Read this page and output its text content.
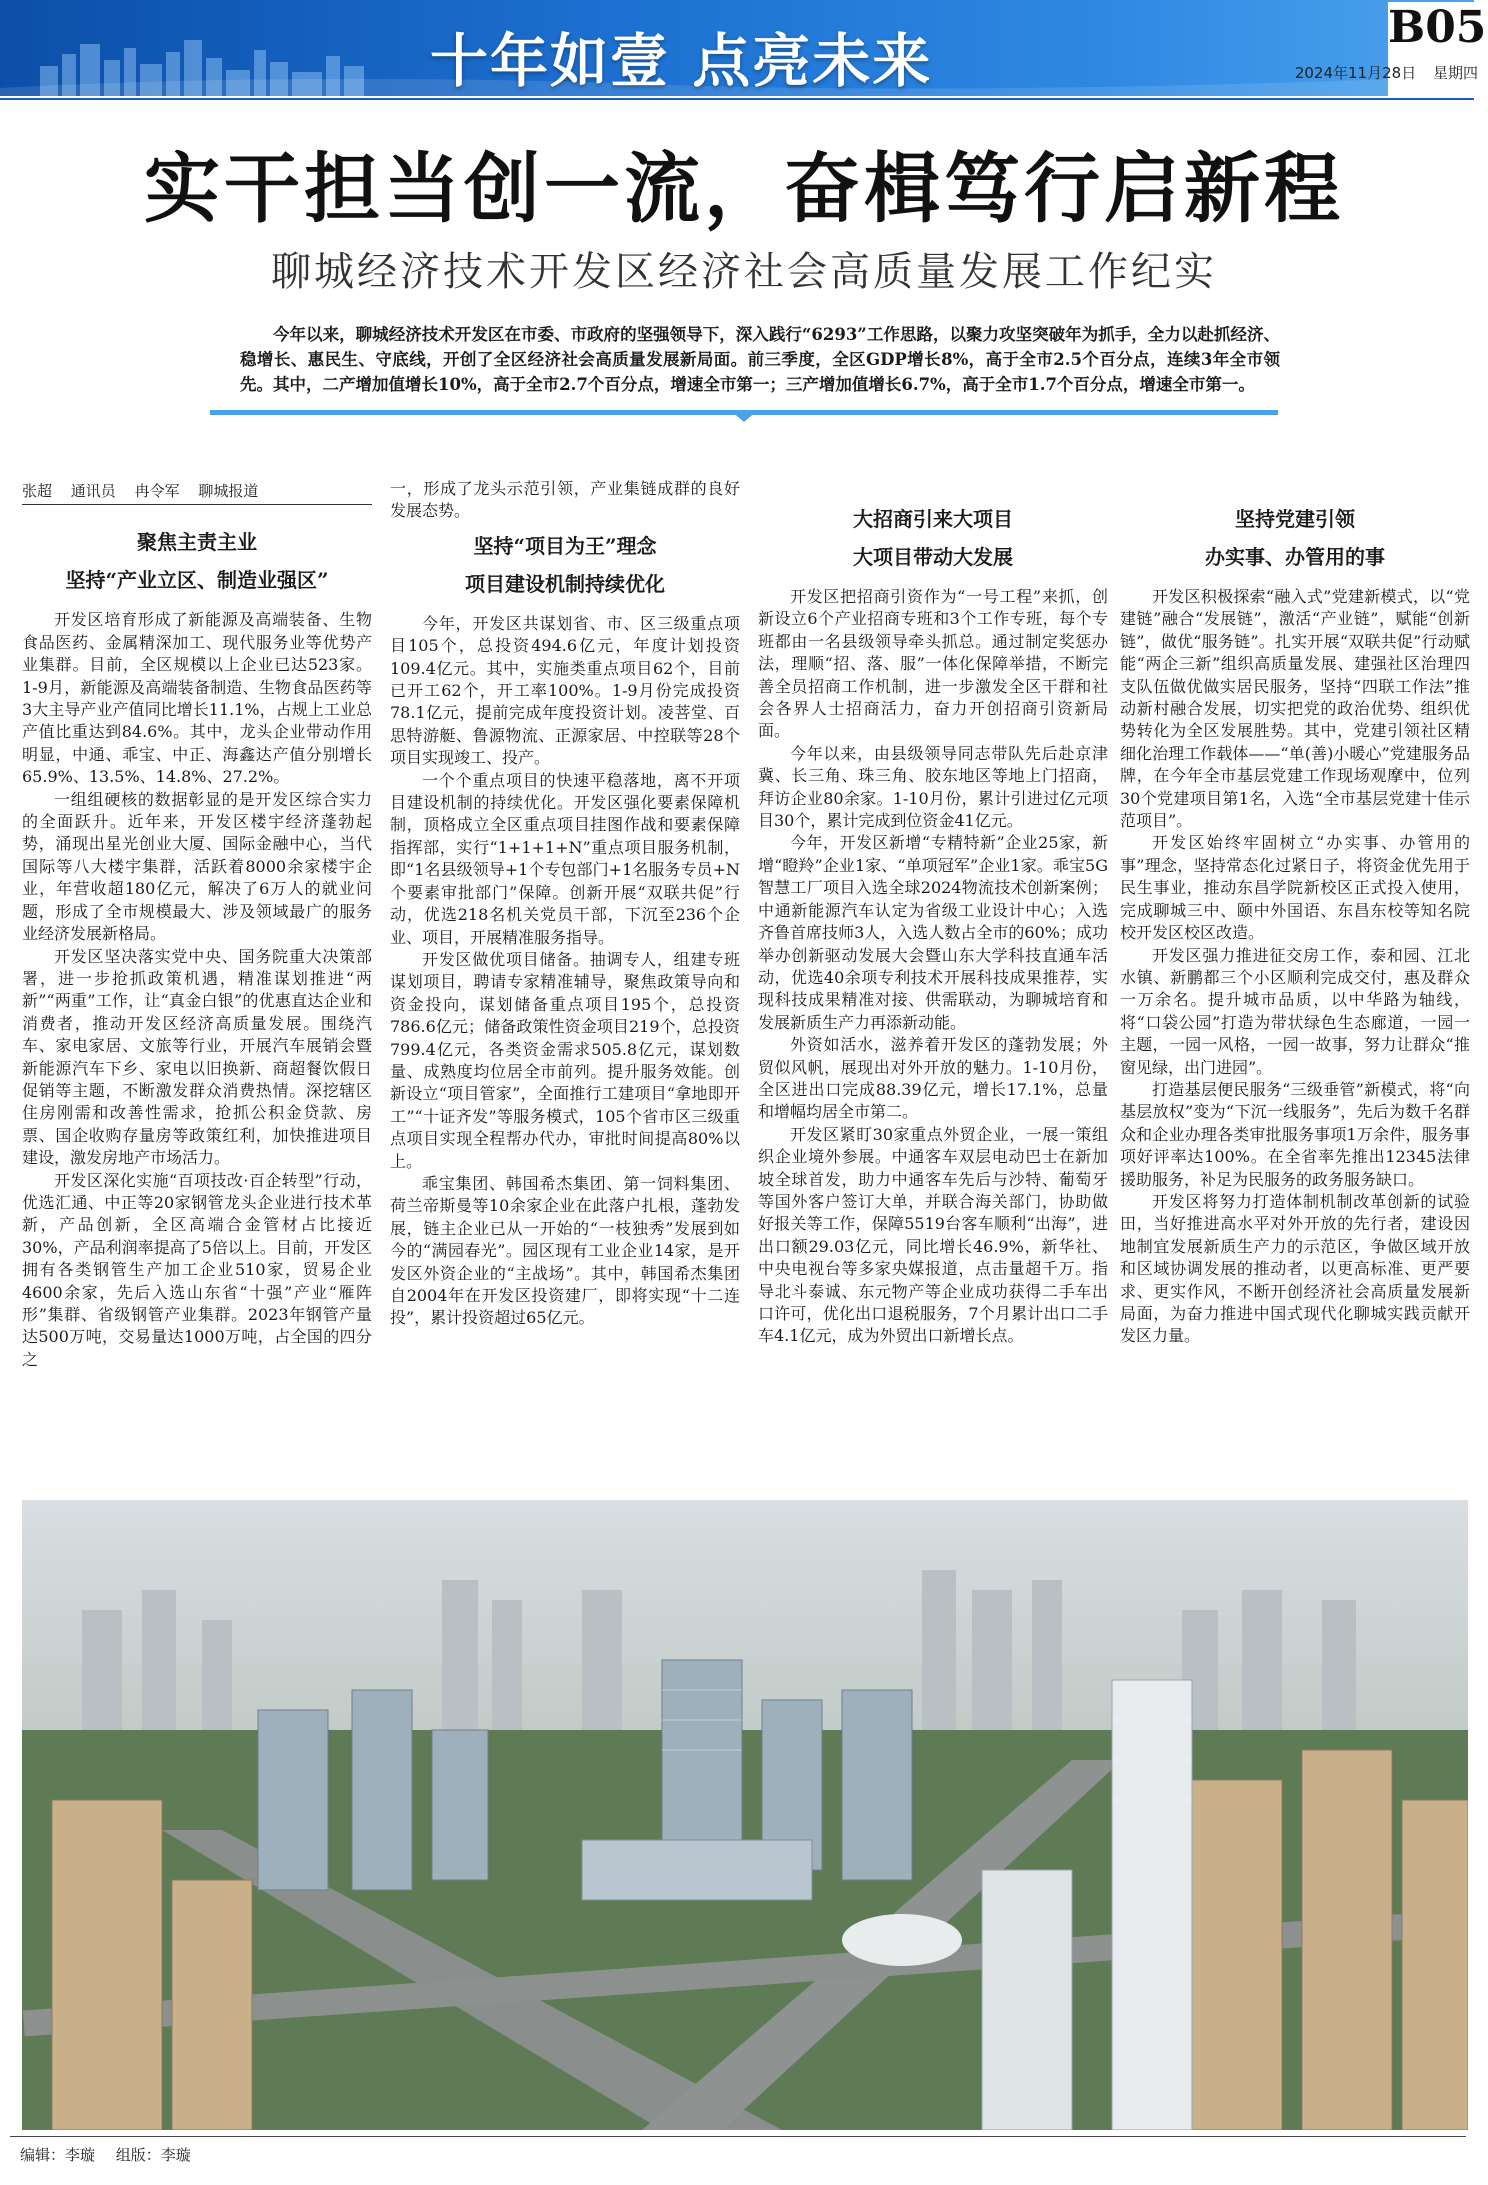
十年如壹 点亮未来	B05
2024年11月28日 星期四
实干担当创一流，奋楫笃行启新程
聊城经济技术开发区经济社会高质量发展工作纪实
今年以来，聊城经济技术开发区在市委、市政府的坚强领导下，深入践行“6293”工作思路，以聚力攻坚突破年为抓手，全力以赴抓经济、稳增长、惠民生、守底线，开创了全区经济社会高质量发展新局面。前三季度，全区GDP增长8%，高于全市2.5个百分点，连续3年全市领先。其中，二产增加值增长10%，高于全市2.7个百分点，增速全市第一；三产增加值增长6.7%，高于全市1.7个百分点，增速全市第一。
张超 通讯员 冉令军 聊城报道
聚焦主责主业
坚持“产业立区、制造业强区”

开发区培育形成了新能源及高端装备、生物食品医药、金属精深加工、现代服务业等优势产业集群。目前，全区规模以上企业已达523家。1-9月，新能源及高端装备制造、生物食品医药等3大主导产业产值同比增长11.1%，占规上工业总产值比重达到84.6%。其中，龙头企业带动作用明显，中通、乖宝、中正、海鑫达产值分别增长65.9%、13.5%、14.8%、27.2%。

一组组硬核的数据彰显的是开发区综合实力的全面跃升。近年来，开发区楼宇经济蓬勃起势，涌现出星光创业大厦、国际金融中心，当代国际等八大楼宇集群，活跃着8000余家楼宇企业，年营收超180亿元，解决了6万人的就业问题，形成了全市规模最大、涉及领域最广的服务业经济发展新格局。

开发区坚决落实党中央、国务院重大决策部署，进一步抢抓政策机遇，精准谋划推进“两新”“两重”工作，让“真金白银”的优惠直达企业和消费者，推动开发区经济高质量发展。围绕汽车、家电家居、文旅等行业，开展汽车展销会暨新能源汽车下乡、家电以旧换新、商超餐饮假日促销等主题，不断激发群众消费热情。深挖辖区住房刚需和改善性需求，抢抓公积金贷款、房票、国企收购存量房等政策红利，加快推进项目建设，激发房地产市场活力。

开发区深化实施“百项技改·百企转型”行动，优选汇通、中正等20家钢管龙头企业进行技术革新，产品创新，全区高端合金管材占比接近30%，产品利润率提高了5倍以上。目前，开发区拥有各类钢管生产加工企业510家，贸易企业4600余家，先后入选山东省“十强”产业“雁阵形”集群、省级钢管产业集群。2023年钢管产量达500万吨，交易量达1000万吨，占全国的四分之

一，形成了龙头示范引领，产业集链成群的良好发展态势。

坚持“项目为王”理念
项目建设机制持续优化

今年，开发区共谋划省、市、区三级重点项目105个，总投资494.6亿元，年度计划投资109.4亿元。其中，实施类重点项目62个，目前已开工62个，开工率100%。1-9月份完成投资78.1亿元，提前完成年度投资计划。凌菩堂、百思特游艇、鲁源物流、正源家居、中控联等28个项目实现竣工、投产。

一个个重点项目的快速平稳落地，离不开项目建设机制的持续优化。开发区强化要素保障机制，顶格成立全区重点项目挂图作战和要素保障指挥部，实行“1+1+1+N”重点项目服务机制，即“1名县级领导+1个专包部门+1名服务专员+N个要素审批部门”保障。创新开展“双联共促”行动，优选218名机关党员干部，下沉至236个企业、项目，开展精准服务指导。

开发区做优项目储备。抽调专人，组建专班谋划项目，聘请专家精准辅导，聚焦政策导向和资金投向，谋划储备重点项目195个，总投资786.6亿元；储备政策性资金项目219个，总投资799.4亿元，各类资金需求505.8亿元，谋划数量、成熟度均位居全市前列。提升服务效能。创新设立“项目管家”，全面推行工建项目“拿地即开工”“十证齐发”等服务模式，105个省市区三级重点项目实现全程帮办代办，审批时间提高80%以上。

乖宝集团、韩国希杰集团、第一饲料集团、荷兰帝斯曼等10余家企业在此落户扎根，蓬勃发展，链主企业已从一开始的“一枝独秀”发展到如今的“满园春光”。园区现有工业企业14家，是开发区外资企业的“主战场”。其中，韩国希杰集团自2004年在开发区投资建厂，即将实现“十二连投”，累计投资超过65亿元。

大招商引来大项目
大项目带动大发展

开发区把招商引资作为“一号工程”来抓，创新设立6个产业招商专班和3个工作专班，每个专班都由一名县级领导牵头抓总。通过制定奖惩办法，理顺“招、落、服”一体化保障举措，不断完善全员招商工作机制，进一步激发全区干群和社会各界人士招商活力，奋力开创招商引资新局面。

今年以来，由县级领导同志带队先后赴京津冀、长三角、珠三角、胶东地区等地上门招商，拜访企业80余家。1-10月份，累计引进过亿元项目30个，累计完成到位资金41亿元。

今年，开发区新增“专精特新”企业25家，新增“瞪羚”企业1家、“单项冠军”企业1家。乖宝5G智慧工厂项目入选全球2024物流技术创新案例；中通新能源汽车认定为省级工业设计中心；入选齐鲁首席技师3人，入选人数占全市的60%；成功举办创新驱动发展大会暨山东大学科技直通车活动，优选40余项专利技术开展科技成果推荐，实现科技成果精准对接、供需联动，为聊城培育和发展新质生产力再添新动能。

外资如活水，滋养着开发区的蓬勃发展；外贸似风帆，展现出对外开放的魅力。1-10月份，全区进出口完成88.39亿元，增长17.1%，总量和增幅均居全市第二。

开发区紧盯30家重点外贸企业，一展一策组织企业境外参展。中通客车双层电动巴士在新加坡全球首发，助力中通客车先后与沙特、葡萄牙等国外客户签订大单，并联合海关部门，协助做好报关等工作，保障5519台客车顺利“出海”，进出口额29.03亿元，同比增长46.9%，新华社、中央电视台等多家央媒报道，点击量超千万。指导北斗泰诚、东元物产等企业成功获得二手车出口许可，优化出口退税服务，7个月累计出口二手车4.1亿元，成为外贸出口新增长点。

坚持党建引领
办实事、办管用的事

开发区积极探索“融入式”党建新模式，以“党建链”融合“发展链”，激活“产业链”，赋能“创新链”，做优“服务链”。扎实开展“双联共促”行动赋能“两企三新”组织高质量发展、建强社区治理四支队伍做优做实居民服务，坚持“四联工作法”推动新村融合发展，切实把党的政治优势、组织优势转化为全区发展胜势。其中，党建引领社区精细化治理工作载体——“单(善)小暖心”党建服务品牌，在今年全市基层党建工作现场观摩中，位列30个党建项目第1名，入选“全市基层党建十佳示范项目”。

开发区始终牢固树立“办实事、办管用的事”理念，坚持常态化过紧日子，将资金优先用于民生事业，推动东昌学院新校区正式投入使用，完成聊城三中、颐中外国语、东昌东校等知名院校开发区校区改造。

开发区强力推进征交房工作，泰和园、江北水镇、新鹏都三个小区顺利完成交付，惠及群众一万余名。提升城市品质，以中华路为轴线，将“口袋公园”打造为带状绿色生态廊道，一园一主题，一园一风格，一园一故事，努力让群众“推窗见绿，出门进园”。

打造基层便民服务“三级垂管”新模式，将“向基层放权”变为“下沉一线服务”，先后为数千名群众和企业办理各类审批服务事项1万余件，服务事项好评率达100%。在全省率先推出12345法律援助服务，补足为民服务的政务服务缺口。

开发区将努力打造体制机制改革创新的试验田，当好推进高水平对外开放的先行者，建设因地制宜发展新质生产力的示范区，争做区域开放和区域协调发展的推动者，以更高标准、更严要求、更实作风，不断开创经济社会高质量发展新局面，为奋力推进中国式现代化聊城实践贡献开发区力量。

编辑：李璇 组版：李璇
